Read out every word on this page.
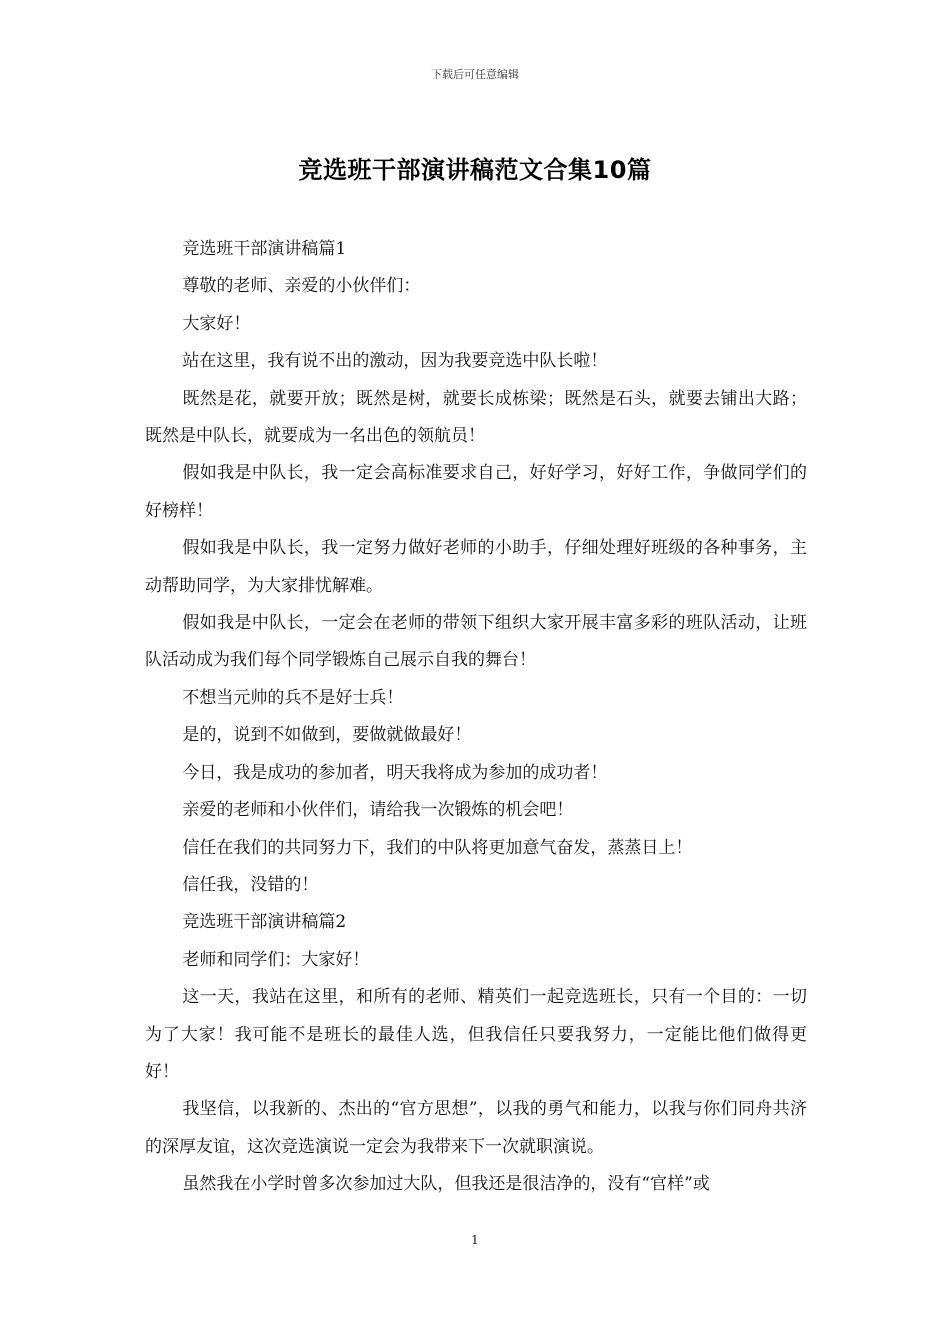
下载后可任意编辑
竞选班干部演讲稿范文合集10篇

竞选班干部演讲稿篇1

尊敬的老师、亲爱的小伙伴们：

大家好！

站在这里，我有说不出的激动，因为我要竞选中队长啦！

既然是花，就要开放；既然是树，就要长成栋梁；既然是石头，就要去铺出大路；既然是中队长，就要成为一名出色的领航员！

假如我是中队长，我一定会高标准要求自己，好好学习，好好工作，争做同学们的好榜样！

假如我是中队长，我一定努力做好老师的小助手，仔细处理好班级的各种事务，主动帮助同学，为大家排忧解难。

假如我是中队长，一定会在老师的带领下组织大家开展丰富多彩的班队活动，让班队活动成为我们每个同学锻炼自己展示自我的舞台！

不想当元帅的兵不是好士兵！

是的，说到不如做到，要做就做最好！

今日，我是成功的参加者，明天我将成为参加的成功者！

亲爱的老师和小伙伴们，请给我一次锻炼的机会吧！

信任在我们的共同努力下，我们的中队将更加意气奋发，蒸蒸日上！

信任我，没错的！

竞选班干部演讲稿篇2

老师和同学们：大家好！

这一天，我站在这里，和所有的老师、精英们一起竞选班长，只有一个目的：一切为了大家！我可能不是班长的最佳人选，但我信任只要我努力，一定能比他们做得更好！

我坚信，以我新的、杰出的“官方思想”，以我的勇气和能力，以我与你们同舟共济的深厚友谊，这次竞选演说一定会为我带来下一次就职演说。

虽然我在小学时曾多次参加过大队，但我还是很洁净的，没有“官样”或

1
